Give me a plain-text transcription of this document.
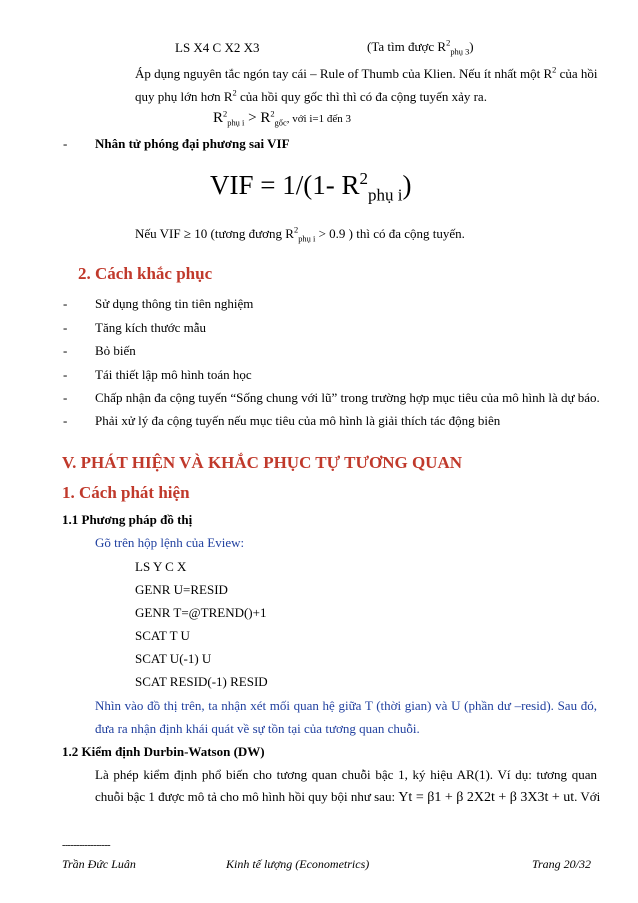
LS X4 C X2 X3	(Ta tìm được $R^2_{phụ 3}$)
Áp dụng nguyên tắc ngón tay cái – Rule of Thumb của Klien. Nếu ít nhất một $R^2$ của hồi
quy phụ lớn hơn $R^2$ của hồi quy gốc thì thì có đa cộng tuyến xảy ra.
$R^2_{phụ i} > R^2_{gốc}$, với i=1 đến 3
- Nhân tử phóng đại phương sai VIF
VIF = 1/(1- $R^2_{phụ i}$)
Nếu VIF ≥ 10 (tương đương $R^2_{phụ i} > 0.9$ ) thì có đa cộng tuyến.
2. Cách khắc phục
- Sử dụng thông tin tiên nghiệm
- Tăng kích thước mẫu
- Bỏ biến
- Tái thiết lập mô hình toán học
- Chấp nhận đa cộng tuyến “Sống chung với lũ” trong trường hợp mục tiêu của mô hình là dự báo.
- Phải xử lý đa cộng tuyến nếu mục tiêu của mô hình là giải thích tác động biên
V. PHÁT HIỆN VÀ KHẮC PHỤC TỰ TƯƠNG QUAN
1. Cách phát hiện
1.1 Phương pháp đồ thị
Gõ trên hộp lệnh của Eview:
LS Y C X
GENR U=RESID
GENR T=@TREND()+1
SCAT T U
SCAT U(-1) U
SCAT RESID(-1) RESID
Nhìn vào đồ thị trên, ta nhận xét mối quan hệ giữa T (thời gian) và U (phần dư –resid). Sau đó,
đưa ra nhận định khái quát về sự tồn tại của tương quan chuỗi.
1.2 Kiểm định Durbin-Watson (DW)
Là phép kiểm định phổ biến cho tương quan chuỗi bậc 1, ký hiệu AR(1). Ví dụ: tương quan
chuỗi bậc 1 được mô tả cho mô hình hồi quy bội như sau: Yt = β1 + β 2X2t + β 3X3t + ut. Với
-----------------
Trần Đức Luân	Kinh tế lượng (Econometrics)	Trang 20/32
